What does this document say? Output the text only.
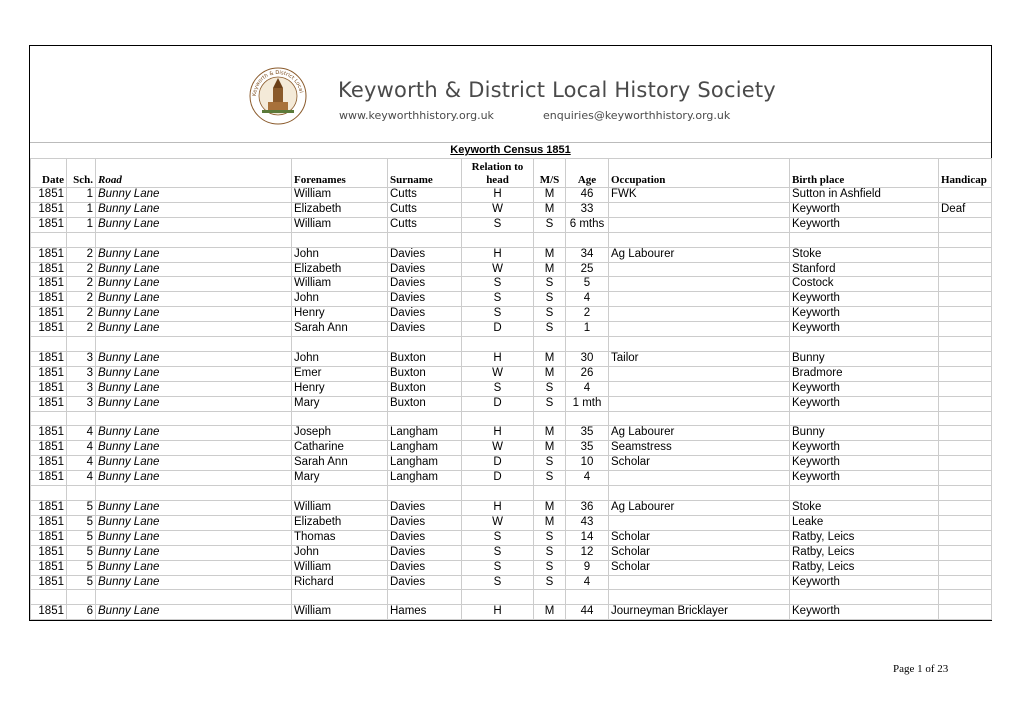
Keyworth & District Local Keyworth & District Local History Society
www.keyworthhistory.org.uk	enquiries@keyworthhistory.org.uk
Keyworth Census 1851
Date	Sch.	Road	Forenames	Surname	Relation to
head	M/S	Age	Occupation	Birth place	Handicap
1851	1	Bunny Lane	William	Cutts	H	M	46	FWK	Sutton in Ashfield	
1851	1	Bunny Lane	Elizabeth	Cutts	W	M	33		Keyworth	Deaf
1851	1	Bunny Lane	William	Cutts	S	S	6 mths		Keyworth	

1851	2	Bunny Lane	John	Davies	H	M	34	Ag Labourer	Stoke	
1851	2	Bunny Lane	Elizabeth	Davies	W	M	25		Stanford	
1851	2	Bunny Lane	William	Davies	S	S	5		Costock	
1851	2	Bunny Lane	John	Davies	S	S	4		Keyworth	
1851	2	Bunny Lane	Henry	Davies	S	S	2		Keyworth	
1851	2	Bunny Lane	Sarah Ann	Davies	D	S	1		Keyworth	

1851	3	Bunny Lane	John	Buxton	H	M	30	Tailor	Bunny	
1851	3	Bunny Lane	Emer	Buxton	W	M	26		Bradmore	
1851	3	Bunny Lane	Henry	Buxton	S	S	4		Keyworth	
1851	3	Bunny Lane	Mary	Buxton	D	S	1 mth		Keyworth	

1851	4	Bunny Lane	Joseph	Langham	H	M	35	Ag Labourer	Bunny	
1851	4	Bunny Lane	Catharine	Langham	W	M	35	Seamstress	Keyworth	
1851	4	Bunny Lane	Sarah Ann	Langham	D	S	10	Scholar	Keyworth	
1851	4	Bunny Lane	Mary	Langham	D	S	4		Keyworth	

1851	5	Bunny Lane	William	Davies	H	M	36	Ag Labourer	Stoke	
1851	5	Bunny Lane	Elizabeth	Davies	W	M	43		Leake	
1851	5	Bunny Lane	Thomas	Davies	S	S	14	Scholar	Ratby, Leics	
1851	5	Bunny Lane	John	Davies	S	S	12	Scholar	Ratby, Leics	
1851	5	Bunny Lane	William	Davies	S	S	9	Scholar	Ratby, Leics	
1851	5	Bunny Lane	Richard	Davies	S	S	4		Keyworth	

1851	6	Bunny Lane	William	Hames	H	M	44	Journeyman Bricklayer	Keyworth	
Page 1 of 23
